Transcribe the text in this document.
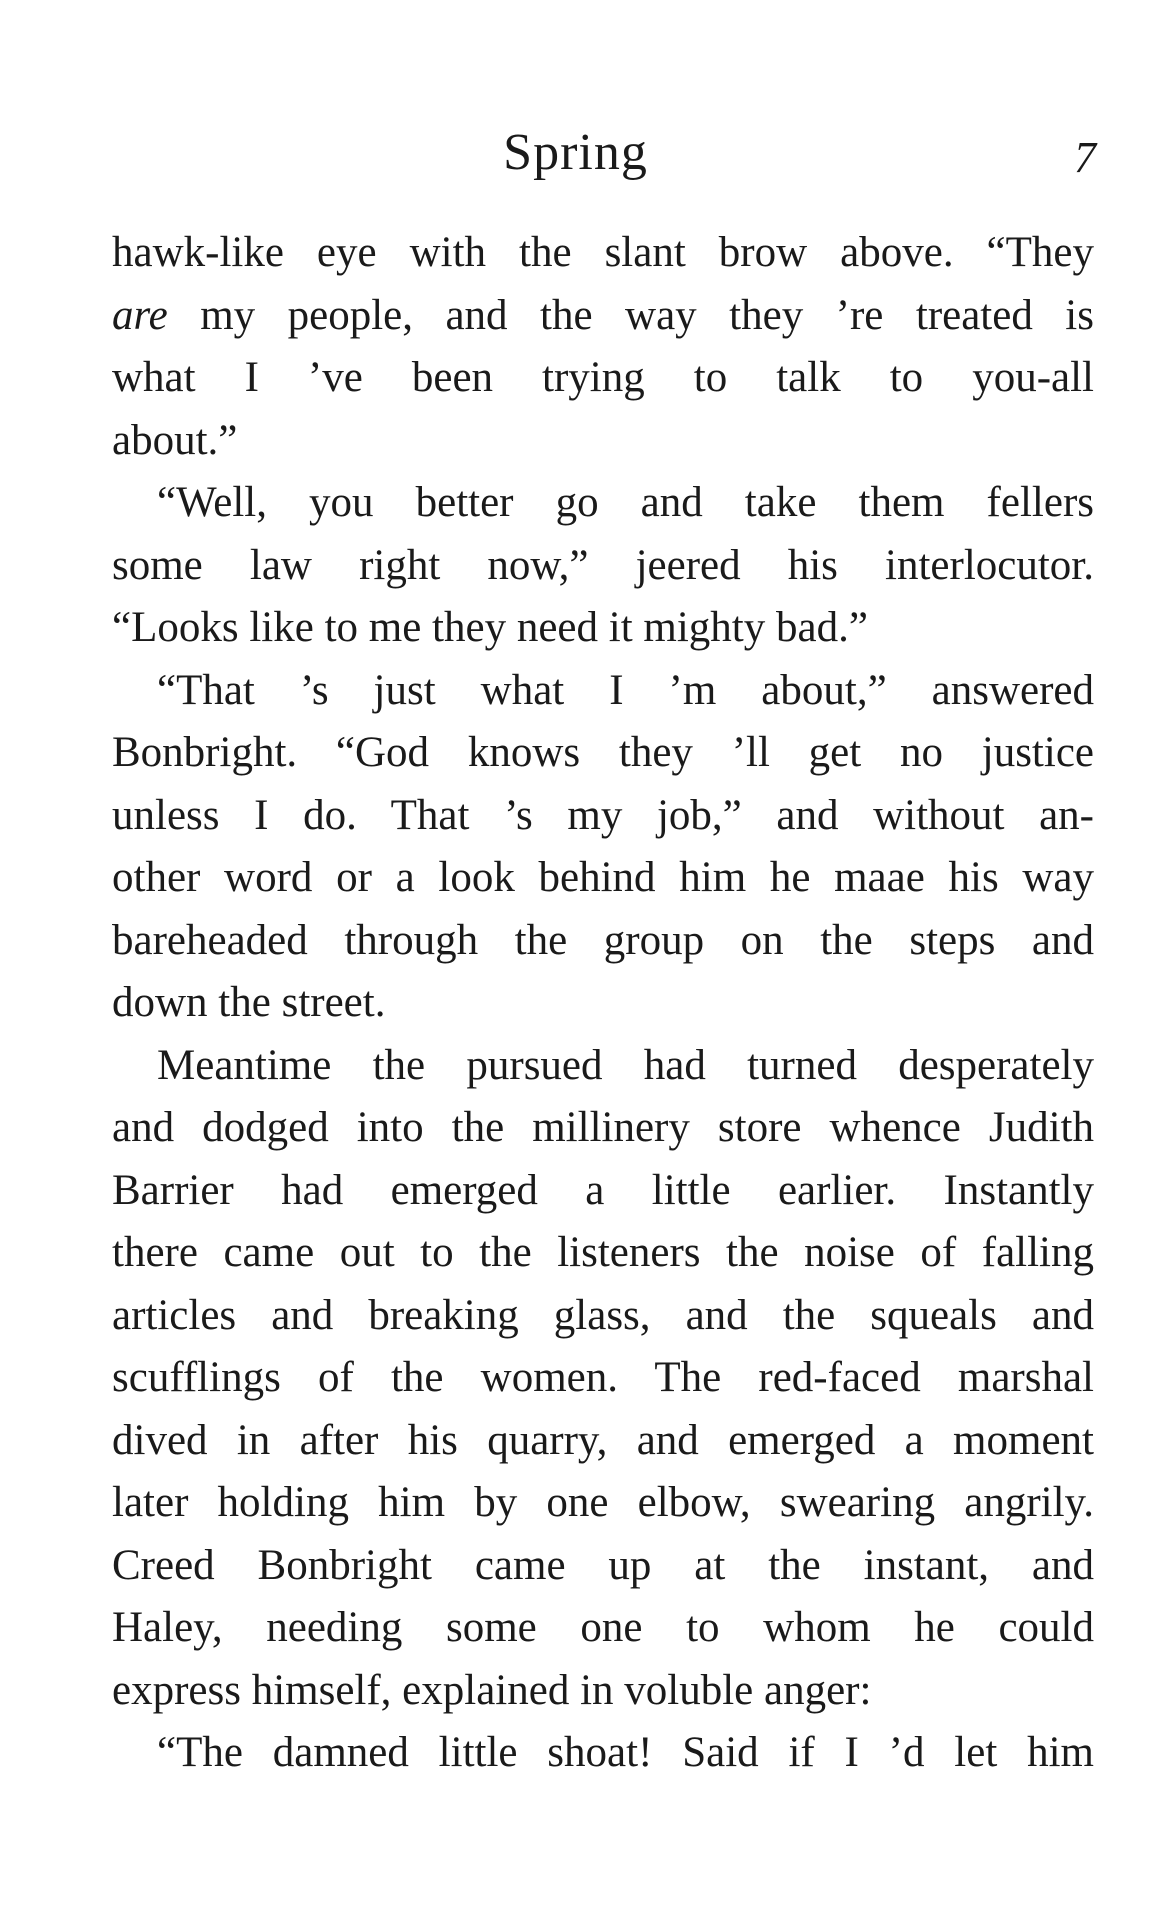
Spring	7
hawk-like eye with the slant brow above. “They
are my people, and the way they ’re treated is
what I ’ve been trying to talk to you-all
about.”
“Well, you better go and take them fellers
some law right now,” jeered his interlocutor.
“Looks like to me they need it mighty bad.”
“That ’s just what I ’m about,” answered
Bonbright. “God knows they ’ll get no justice
unless I do. That ’s my job,” and without an-
other word or a look behind him he maae his way
bareheaded through the group on the steps and
down the street.
Meantime the pursued had turned desperately
and dodged into the millinery store whence Judith
Barrier had emerged a little earlier. Instantly
there came out to the listeners the noise of falling
articles and breaking glass, and the squeals and
scufflings of the women. The red-faced marshal
dived in after his quarry, and emerged a moment
later holding him by one elbow, swearing angrily.
Creed Bonbright came up at the instant, and
Haley, needing some one to whom he could
express himself, explained in voluble anger:
“The damned little shoat! Said if I ’d let him
